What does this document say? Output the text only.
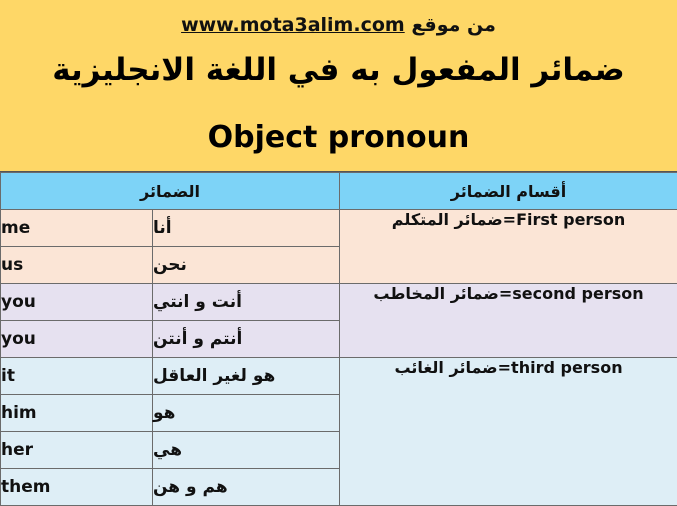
من موقع www.mota3alim.com
ضمائر المفعول به في اللغة الانجليزية
Object pronoun
الضمائر		أقسام الضمائر
me	أنا	ضمائر المتكلم=First person
us	نحن	
you	أنت و انتي	ضمائر المخاطب=second person
you	أنتم و أنتن	
it	هو لغير العاقل	ضمائر الغائب=third person
him	هو	
her	هي	
them	هم و هن	
